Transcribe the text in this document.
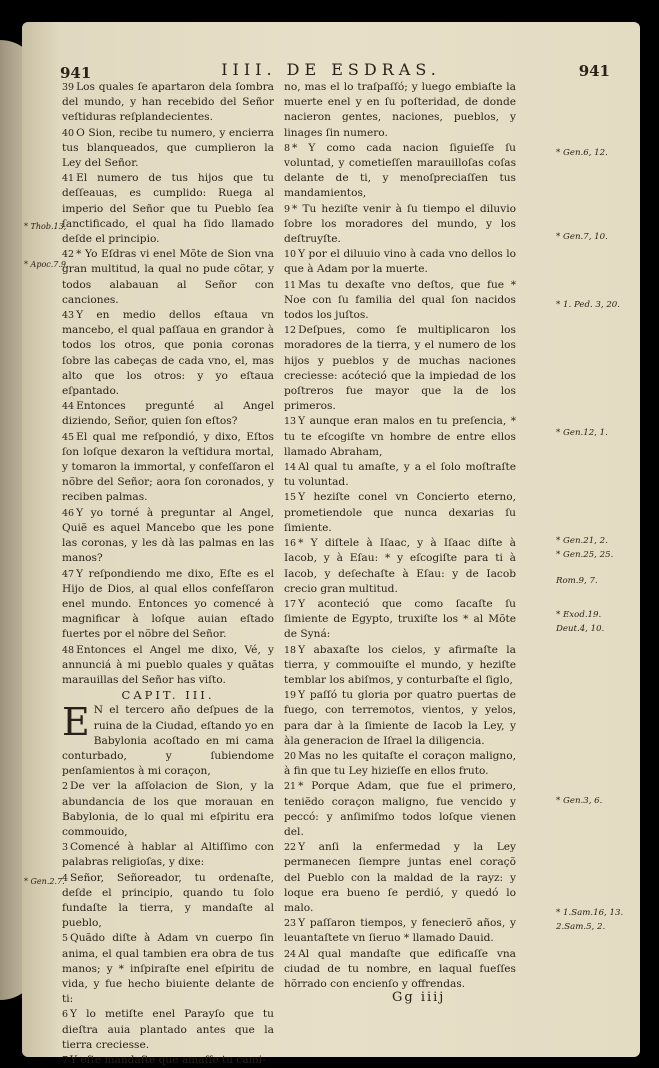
941	IIII. DE ESDRAS.	941
* Thob.13,
* Apoc.7.9.
* Gen.2.7.

39 Los quales ſe apartaron dela ſombra del mundo, y han recebido del Señor veſtiduras reſplandecientes.

40 O Sion, recibe tu numero, y encierra tus blanqueados, que cumplieron la Ley del Señor.

41 El numero de tus hijos que tu deſſeauas, es cumplido: Ruega al imperio del Señor que tu Pueblo ſea ſanctificado, el qual ha ſido llamado deſde el principio.

42 * Yo Eſdras vi enel Mõte de Sion vna gran multitud, la qual no pude cõtar, y todos alabauan al Señor con canciones.

43 Y en medio dellos eſtaua vn mancebo, el qual paſſaua en grandor à todos los otros, que ponia coronas ſobre las cabeças de cada vno, el, mas alto que los otros: y yo eſtaua eſpantado.

44 Entonces pregunté al Angel diziendo, Señor, quien ſon eſtos?

45 El qual me reſpondió, y dixo, Eſtos ſon loſque dexaron la veſtidura mortal, y tomaron la immortal, y confeſſaron el nõbre del Señor; aora ſon coronados, y reciben palmas.

46 Y yo torné à preguntar al Angel, Quiẽ es aquel Mancebo que les pone las coronas, y les dà las palmas en las manos?

47 Y reſpondiendo me dixo, Eſte es el Hijo de Dios, al qual ellos confeſſaron enel mundo. Entonces yo comencé à magnificar à loſque auian eſtado fuertes por el nõbre del Señor.

48 Entonces el Angel me dixo, Vé, y annunciá à mi pueblo quales y quãtas marauillas del Señor has viſto.

CAPIT. III.

E N el tercero año deſpues de la ruina de la Ciudad, eſtando yo en Babylonia acoſtado en mi cama conturbado, y ſubiendome penſamientos à mi coraçon,

2 De ver la aſſolacion de Sion, y la abundancia de los que morauan en Babylonia, de lo qual mi eſpiritu era commouido,

3 Comencé à hablar al Altiſſimo con palabras religioſas, y dixe:

4 Señor, Señoreador, tu ordenaſte, deſde el principio, quando tu ſolo fundaſte la tierra, y mandaſte al pueblo,

5 Quãdo diſte à Adam vn cuerpo ſin anima, el qual tambien era obra de tus manos; y * inſpiraſte enel eſpiritu de vida, y fue hecho biuiente delante de ti:

6 Y lo metiſte enel Parayſo que tu dieſtra auia plantado antes que la tierra creciesse.

7 Y eſte mandaſte que amaſſe tu cami-

no, mas el lo traſpaſſó; y luego embiaſte la muerte enel y en ſu poſteridad, de donde nacieron gentes, naciones, pueblos, y linages ſin numero.

8 * Y como cada nacion ſiguieſſe ſu voluntad, y cometieſſen marauilloſas coſas delante de ti, y menoſprecіaſſen tus mandamientos,

9 * Tu heziſte venir à ſu tiempo el diluvio ſobre los moradores del mundo, y los deſtruyſte.

10 Y por el diluuio vino à cada vno dellos lo que à Adam por la muerte.

11 Mas tu dexaſte vno deſtos, que fue * Noe con ſu familia del qual ſon nacidos todos los juſtos.

12 Deſpues, como ſe multiplicaron los moradores de la tierra, y el numero de los hijos y pueblos y de muchas naciones creciesse: acóteció que la impiedad de los poſtreros fue mayor que la de los primeros.

13 Y aunque eran malos en tu preſencia, * tu te eſcogiſte vn hombre de entre ellos llamado Abraham,

14 Al qual tu amaſte, y a el ſolo moſtraſte tu voluntad.

15 Y heziſte conel vn Concierto eterno, prometiendole que nunca dexarias ſu ſimiente.

16 * Y diſtele à Iſaac, y à Iſaac diſte à Iacob, y à Eſau: * y eſcogiſte para ti à Iacob, y deſechaſte à Eſau: y de Iacob crecio gran multitud.

17 Y aconteció que como ſacaſte ſu ſimiente de Egypto, truxiſte los * al Mõte de Syná:

18 Y abaxaſte los cielos, y afirmaſte la tierra, y commouiſte el mundo, y heziſte temblar los abiſmos, y conturbaſte el ſiglo,

19 Y paſſó tu gloria por quatro puertas de fuego, con terremotos, vientos, y yelos, para dar à la ſimiente de Iacob la Ley, y àla generacion de Iſrael la diligencia.

20 Mas no les quitaſte el coraçon maligno, à fin que tu Ley hizieſſe en ellos fruto.

21 * Porque Adam, que fue el primero, teniẽdo coraçon maligno, fue vencido y peccó: y anſimiſmo todos loſque vienen del.

22 Y anſi la enfermedad y la Ley permanecen ſiempre juntas enel coraçõ del Pueblo con la maldad de la rayz: y loque era bueno ſe perdió, y quedó lo malo.

23 Y paſſaron tiempos, y fenecierõ años, y leuantaſtete vn ſieruo * llamado Dauid.

24 Al qual mandaſte que edificaſſe vna ciudad de tu nombre, en laqual fueſſes hõrrado con encienſo y offrendas.

* Gen.6, 12.
* Gen.7, 10.
* 1. Ped. 3, 20.
* Gen.12, 1.
* Gen.21, 2.
* Gen.25, 25.
Rom.9, 7.
* Exod.19.
Deut.4, 10.
* Gen.3, 6.
* 1.Sam.16, 13.
2.Sam.5, 2.
Gg iiij
